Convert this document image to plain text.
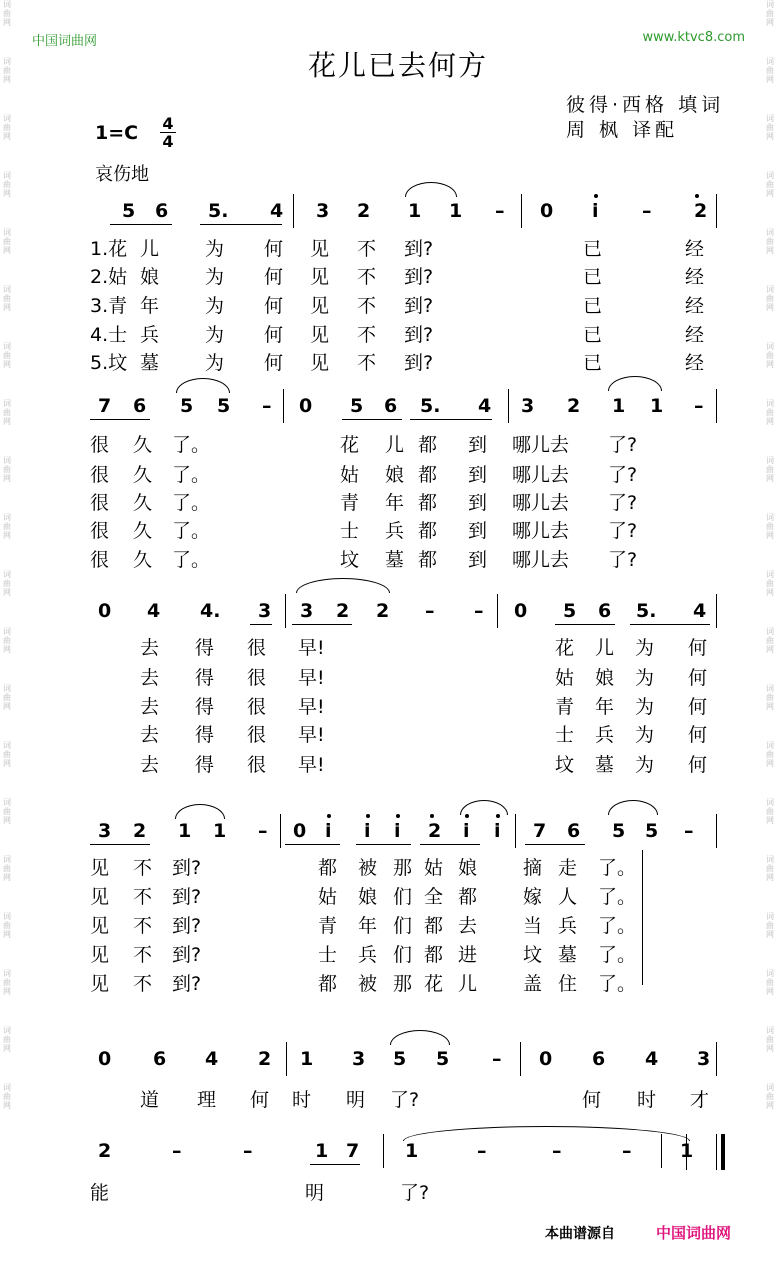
词
曲
网
词
曲
网
词
曲
网
词
曲
网
词
曲
网
词
曲
网
词
曲
网
词
曲
网
词
曲
网
词
曲
网
词
曲
网
词
曲
网
词
曲
网
词
曲
网
词
曲
网
词
曲
网
词
曲
网
词
曲
网
词
曲
网
词
曲
网
词
曲
网
词
曲
网
词
曲
网
词
曲
网
词
曲
网
词
曲
网
词
曲
网
词
曲
网
词
曲
网
词
曲
网
词
曲
网
词
曲
网
词
曲
网
词
曲
网
词
曲
网
词
曲
网
词
曲
网
词
曲
网
词
曲
网
词
曲
网
中国词曲网	www.ktvc8.com
花儿已去何方
彼得·西格 填词
周 枫 译配
1=C 4
4
哀伤地
5 6 5. 4 3 2 1 1 – 0 i – 2
1.花 儿 为 何 见 不 到?	已	经
2.姑 娘 为 何 见 不 到?	已	经
3.青 年 为 何 见 不 到?	已	经
4.士 兵 为 何 见 不 到?	已	经
5.坟 墓 为 何 见 不 到?	已	经
7 6 5 5 – 0 5 6 5. 4 3 2 1 1 –
很 久 了。	花 儿 都 到 哪儿去 了?
很 久 了。	姑 娘 都 到 哪儿去 了?
很 久 了。	青 年 都 到 哪儿去 了?
很 久 了。	士 兵 都 到 哪儿去 了?
很 久 了。	坟 墓 都 到 哪儿去 了?
0 4 4. 3 3 2 2 – – 0 5 6 5. 4
去 得 很 早!	花 儿 为 何
去 得 很 早!	姑 娘 为 何
去 得 很 早!	青 年 为 何
去 得 很 早!	士 兵 为 何
去 得 很 早!	坟 墓 为 何
3 2 1 1 – 0 i i i 2 i i 7 6 5 5 –
见 不 到?	都 被 那 姑 娘 摘 走 了。
见 不 到?	姑 娘 们 全 都 嫁 人 了。
见 不 到?	青 年 们 都 去 当 兵 了。
见 不 到?	士 兵 们 都 进 坟 墓 了。
见 不 到?	都 被 那 花 儿 盖 住 了。
0 6 4 2 1 3 5 5 – 0 6 4 3
道 理 何 时 明 了?	何 时 才
2	–	–	1 7 1	–	–	–	1
能	明	了?
本曲谱源自	中国词曲网
